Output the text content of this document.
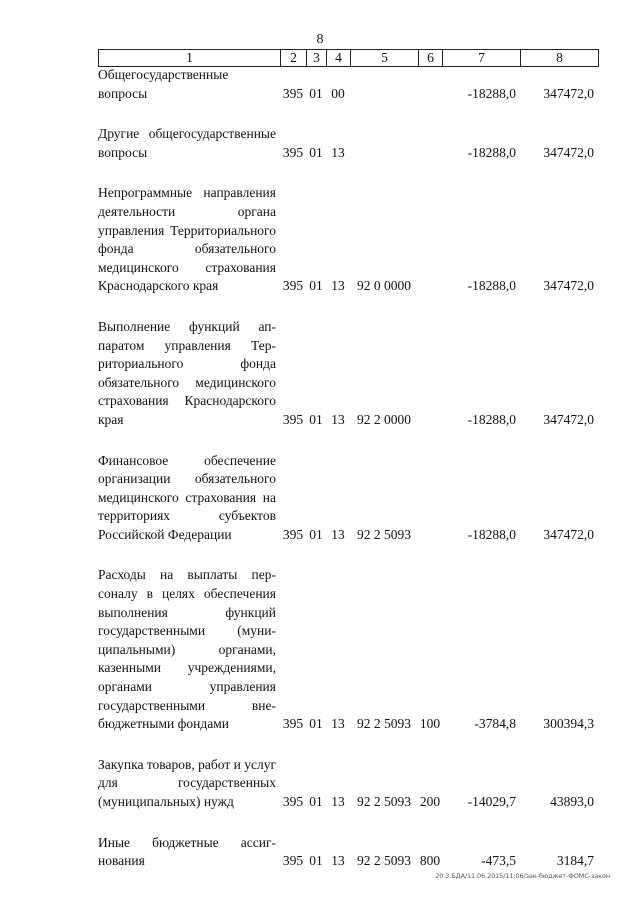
8
1	2	3	4	5	6	7	8
Общегосударственные вопросы	395	01	00			-18288,0	347472,0

Другие общегосударственные вопросы	395	01	13			-18288,0	347472,0

Непрограммные направления деятельности органа управления Территориального фонда обязательного медицинского страхования Краснодарского края	395	01	13	92 0 0000		-18288,0	347472,0

Выполнение функций аппаратом управления Территориального фонда обязательного медицинского страхования Краснодарского края	395	01	13	92 2 0000		-18288,0	347472,0

Финансовое обеспечение организации обязательного медицинского страхования на территориях субъектов Российской Федерации	395	01	13	92 2 5093		-18288,0	347472,0

Расходы на выплаты персоналу в целях обеспечения выполнения функций государственными (муниципальными) органами, казенными учреждениями, органами управления государственными внебюджетными фондами	395	01	13	92 2 5093	100	-3784,8	300394,3

Закупка товаров, работ и услуг для государственных (муниципальных) нужд	395	01	13	92 2 5093	200	-14029,7	43893,0

Иные бюджетные ассигнования	395	01	13	92 2 5093	800	-473,5	3184,7
20.3.БДА/11.06.2015/11:06/зак-бюджет-ФОМС-закон
